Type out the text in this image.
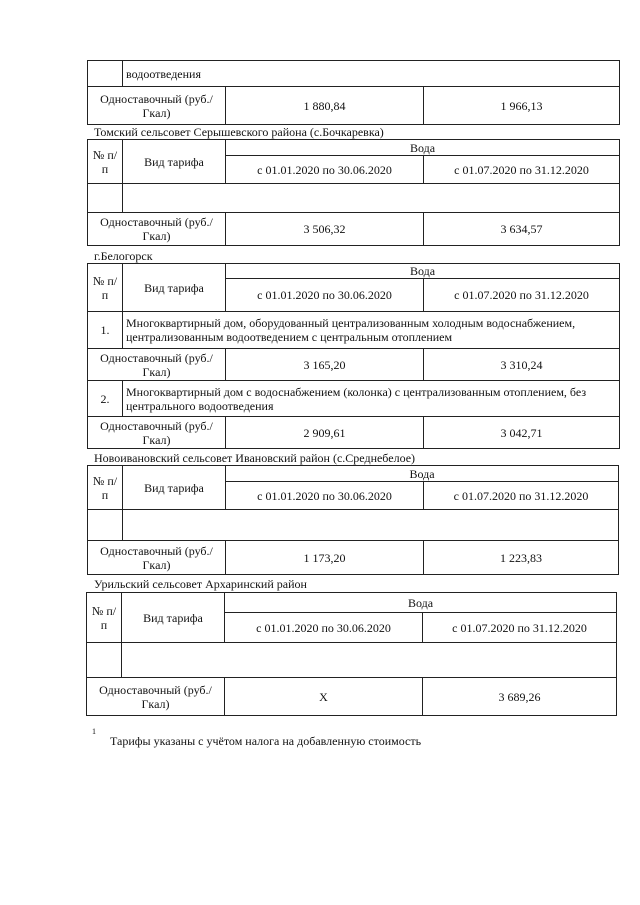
	водоотведения		
Одноставочный (руб./Гкал)		1 880,84	1 966,13
Томский сельсовет Серышевского района (с.Бочкаревка)
№ п/п	Вид тарифа	Вода	
		с 01.01.2020 по 30.06.2020	с 01.07.2020 по 31.12.2020

Одноставочный (руб./Гкал)		3 506,32	3 634,57
г.Белогорск
№ п/п	Вид тарифа	Вода	
		с 01.01.2020 по 30.06.2020	с 01.07.2020 по 31.12.2020
1.	Многоквартирный дом, оборудованный централизованным холодным водоснабжением, централизованным водоотведением с центральным отоплением		
Одноставочный (руб./Гкал)		3 165,20	3 310,24
2.	Многоквартирный дом с водоснабжением (колонка) с централизованным отоплением, без центрального водоотведения		
Одноставочный (руб./Гкал)		2 909,61	3 042,71
Новоивановский сельсовет Ивановский район (с.Среднебелое)
№ п/п	Вид тарифа	Вода	
		с 01.01.2020 по 30.06.2020	с 01.07.2020 по 31.12.2020

Одноставочный (руб./Гкал)		1 173,20	1 223,83
Урильский сельсовет Архаринский район
№ п/п	Вид тарифа	Вода	
		с 01.01.2020 по 30.06.2020	с 01.07.2020 по 31.12.2020

Одноставочный (руб./Гкал)		Х	3 689,26
$^1$Тарифы указаны с учётом налога на добавленную стоимость
